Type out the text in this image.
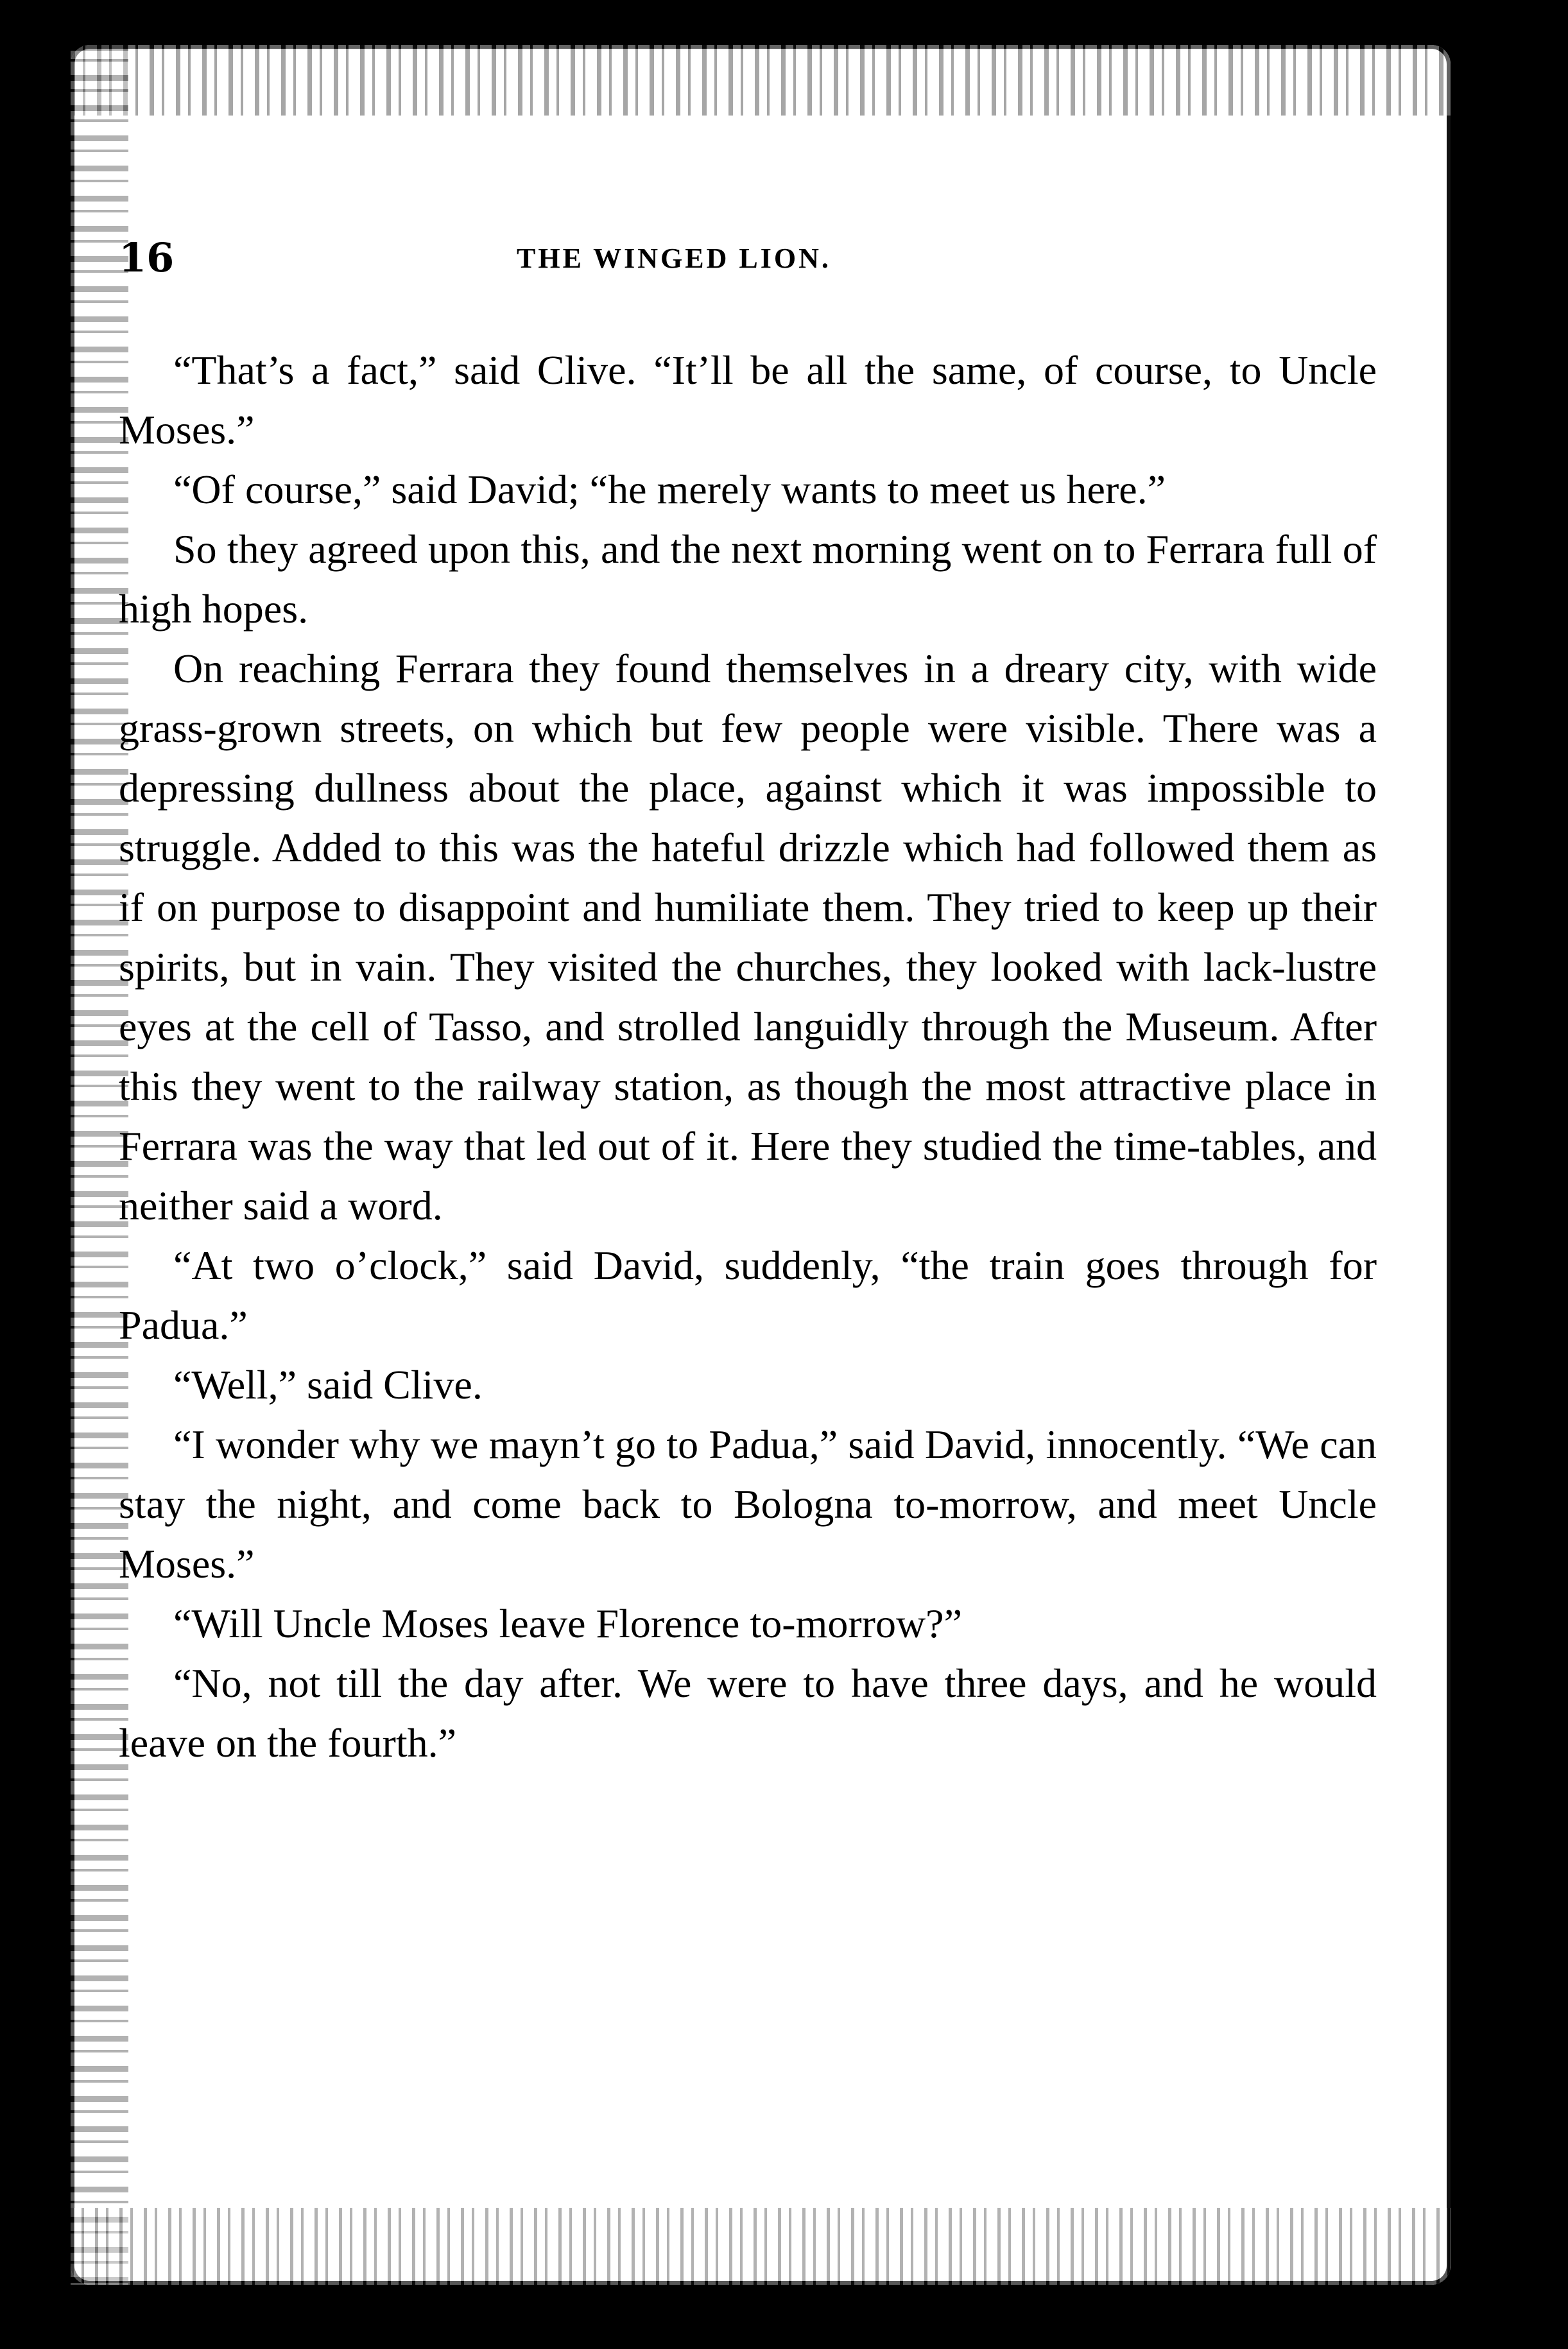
16	THE WINGED LION.

“That’s a fact,” said Clive. “It’ll be all the same, of course, to Uncle Moses.”

“Of course,” said David; “he merely wants to meet us here.”

So they agreed upon this, and the next morning went on to Ferrara full of high hopes.

On reaching Ferrara they found themselves in a dreary city, with wide grass-grown streets, on which but few people were visible. There was a depressing dullness about the place, against which it was impossible to struggle. Added to this was the hateful drizzle which had followed them as if on purpose to disappoint and humiliate them. They tried to keep up their spirits, but in vain. They visited the churches, they looked with lack-lustre eyes at the cell of Tasso, and strolled languidly through the Museum. After this they went to the railway station, as though the most attractive place in Ferrara was the way that led out of it. Here they studied the time-tables, and neither said a word.

“At two o’clock,” said David, suddenly, “the train goes through for Padua.”

“Well,” said Clive.

“I wonder why we mayn’t go to Padua,” said David, innocently. “We can stay the night, and come back to Bologna to-morrow, and meet Uncle Moses.”

“Will Uncle Moses leave Florence to-morrow?”

“No, not till the day after. We were to have three days, and he would leave on the fourth.”
